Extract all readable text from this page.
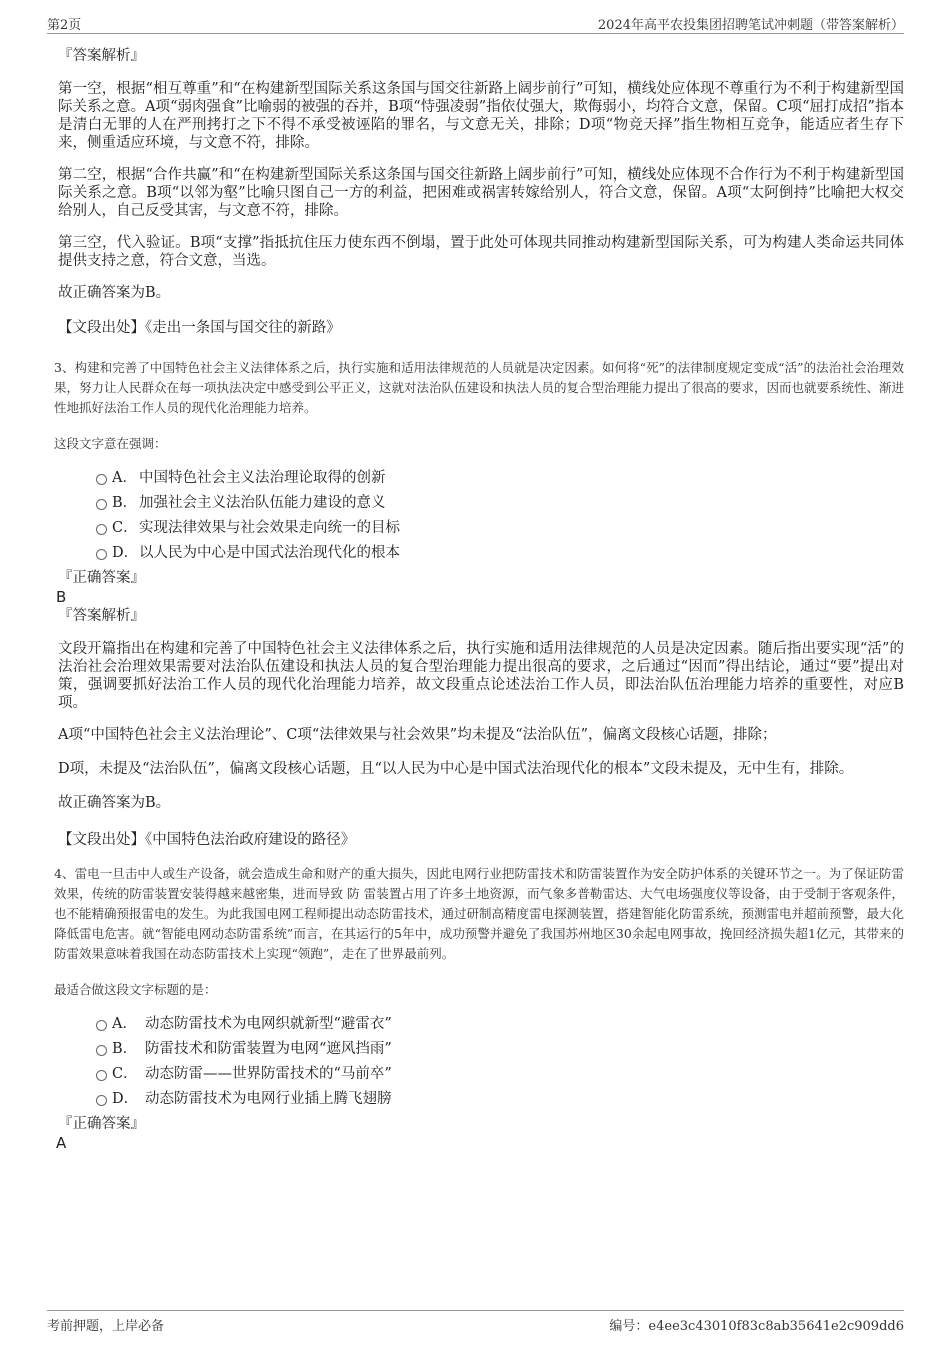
第2页	2024年高平农投集团招聘笔试冲刺题（带答案解析）
『答案解析』
第一空，根据“相互尊重”和“在构建新型国际关系这条国与国交往新路上阔步前行”可知，横线处应体现不尊重行为不利于构建新型国际关系之意。A项“弱肉强食”比喻弱的被强的吞并，B项“恃强凌弱”指依仗强大，欺侮弱小，均符合文意，保留。C项“屈打成招”指本是清白无罪的人在严刑拷打之下不得不承受被诬陷的罪名，与文意无关，排除；D项“物竞天择”指生物相互竞争，能适应者生存下来，侧重适应环境，与文意不符，排除。
第二空，根据“合作共赢”和“在构建新型国际关系这条国与国交往新路上阔步前行”可知，横线处应体现不合作行为不利于构建新型国际关系之意。B项“以邻为壑”比喻只图自己一方的利益，把困难或祸害转嫁给别人，符合文意，保留。A项“太阿倒持”比喻把大权交给别人，自己反受其害，与文意不符，排除。
第三空，代入验证。B项“支撑”指抵抗住压力使东西不倒塌，置于此处可体现共同推动构建新型国际关系，可为构建人类命运共同体提供支持之意，符合文意，当选。
故正确答案为B。
【文段出处】《走出一条国与国交往的新路》
3、构建和完善了中国特色社会主义法律体系之后，执行实施和适用法律规范的人员就是决定因素。如何将“死”的法律制度规定变成“活”的法治社会治理效果，努力让人民群众在每一项执法决定中感受到公平正义，这就对法治队伍建设和执法人员的复合型治理能力提出了很高的要求，因而也就要系统性、渐进性地抓好法治工作人员的现代化治理能力培养。
这段文字意在强调：
A． 中国特色社会主义法治理论取得的创新
B． 加强社会主义法治队伍能力建设的意义
C． 实现法律效果与社会效果走向统一的目标
D． 以人民为中心是中国式法治现代化的根本
『正确答案』
B
『答案解析』
文段开篇指出在构建和完善了中国特色社会主义法律体系之后，执行实施和适用法律规范的人员是决定因素。随后指出要实现“活”的法治社会治理效果需要对法治队伍建设和执法人员的复合型治理能力提出很高的要求，之后通过“因而”得出结论，通过“要”提出对策，强调要抓好法治工作人员的现代化治理能力培养，故文段重点论述法治工作人员，即法治队伍治理能力培养的重要性，对应B项。
A项“中国特色社会主义法治理论”、C项“法律效果与社会效果”均未提及“法治队伍”，偏离文段核心话题，排除；
D项，未提及“法治队伍”，偏离文段核心话题，且“以人民为中心是中国式法治现代化的根本”文段未提及，无中生有，排除。
故正确答案为B。
【文段出处】《中国特色法治政府建设的路径》
4、雷电一旦击中人或生产设备，就会造成生命和财产的重大损失，因此电网行业把防雷技术和防雷装置作为安全防护体系的关键环节之一。为了保证防雷效果，传统的防雷装置安装得越来越密集，进而导致 防 雷装置占用了许多土地资源，而气象多普勒雷达、大气电场强度仪等设备，由于受制于客观条件，也不能精确预报雷电的发生。为此我国电网工程师提出动态防雷技术，通过研制高精度雷电探测装置，搭建智能化防雷系统，预测雷电并超前预警，最大化降低雷电危害。就“智能电网动态防雷系统”而言，在其运行的5年中，成功预警并避免了我国苏州地区30余起电网事故，挽回经济损失超1亿元，其带来的防雷效果意味着我国在动态防雷技术上实现“领跑”，走在了世界最前列。
最适合做这段文字标题的是：
A． 动态防雷技术为电网织就新型“避雷衣”
B． 防雷技术和防雷装置为电网“遮风挡雨”
C． 动态防雷——世界防雷技术的“马前卒”
D． 动态防雷技术为电网行业插上腾飞翅膀
『正确答案』
A
考前押题，上岸必备	编号：e4ee3c43010f83c8ab35641e2c909dd6
